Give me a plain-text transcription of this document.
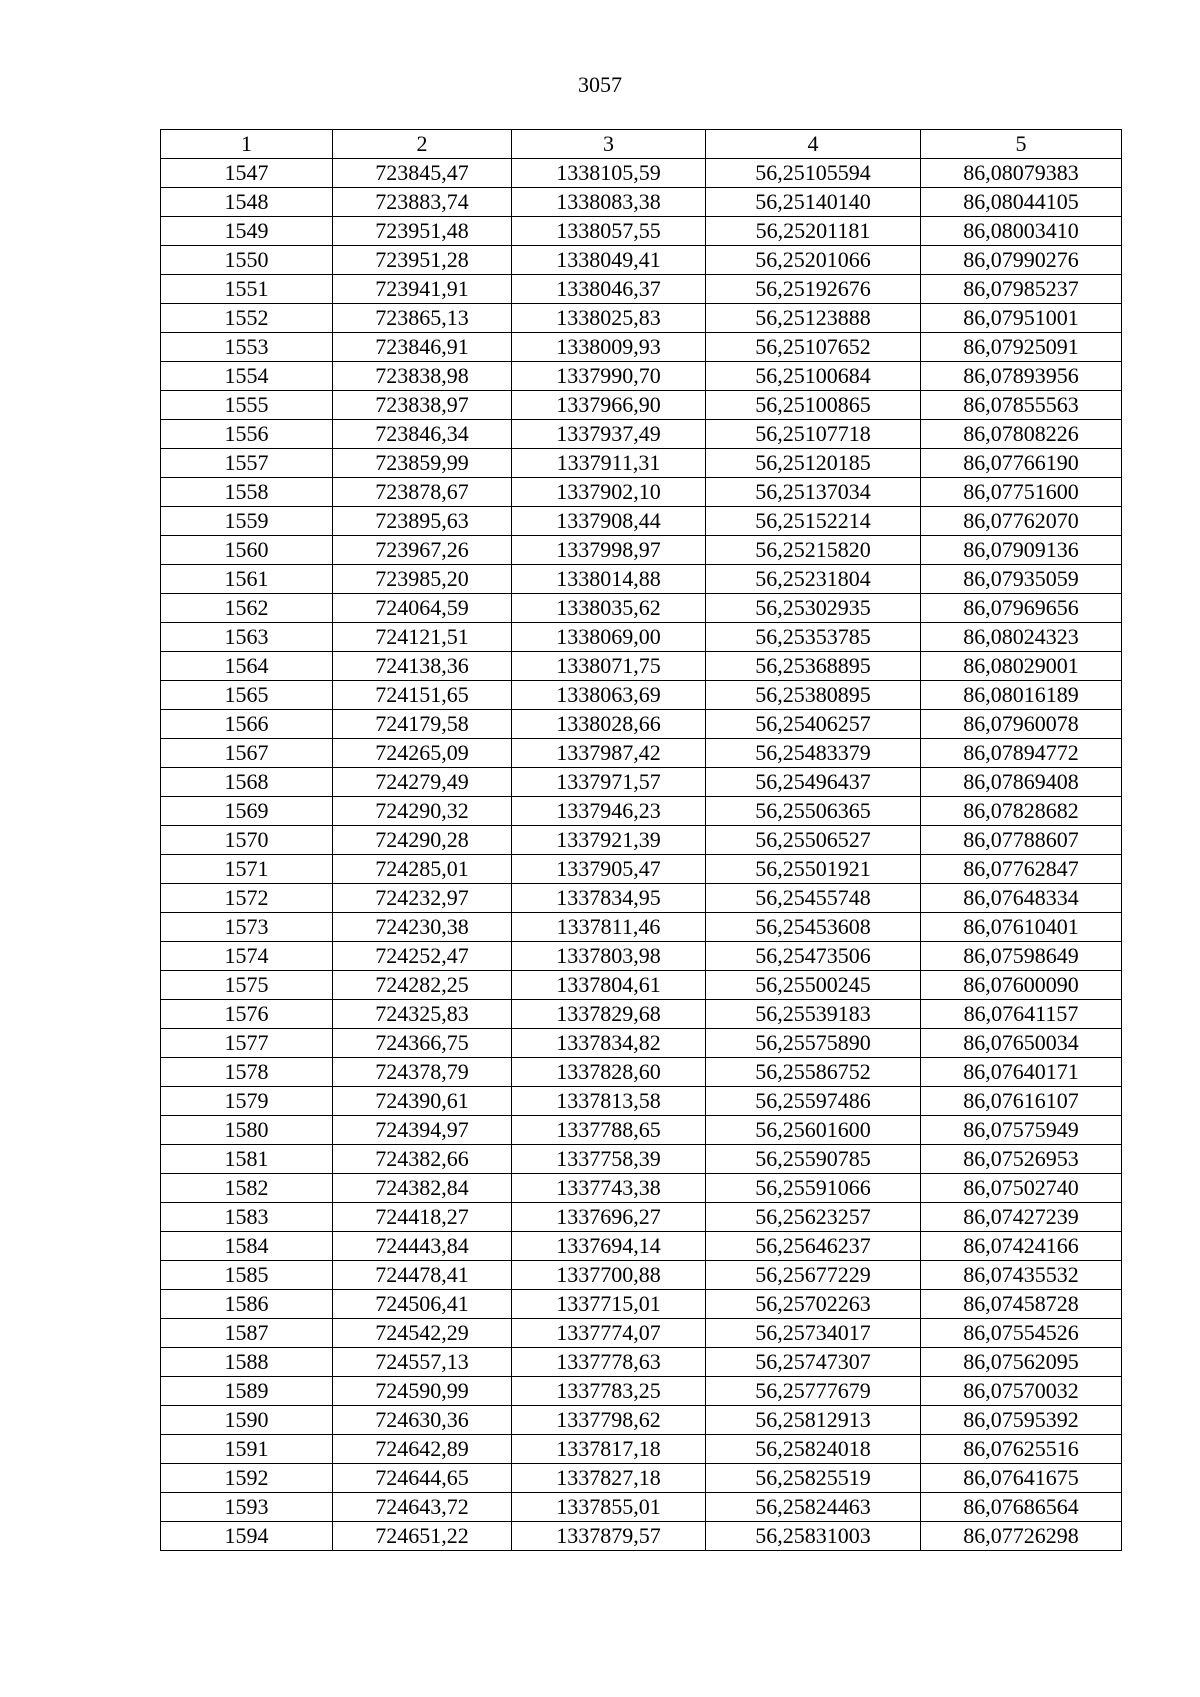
3057
1	2	3	4	5
1547	723845,47	1338105,59	56,25105594	86,08079383
1548	723883,74	1338083,38	56,25140140	86,08044105
1549	723951,48	1338057,55	56,25201181	86,08003410
1550	723951,28	1338049,41	56,25201066	86,07990276
1551	723941,91	1338046,37	56,25192676	86,07985237
1552	723865,13	1338025,83	56,25123888	86,07951001
1553	723846,91	1338009,93	56,25107652	86,07925091
1554	723838,98	1337990,70	56,25100684	86,07893956
1555	723838,97	1337966,90	56,25100865	86,07855563
1556	723846,34	1337937,49	56,25107718	86,07808226
1557	723859,99	1337911,31	56,25120185	86,07766190
1558	723878,67	1337902,10	56,25137034	86,07751600
1559	723895,63	1337908,44	56,25152214	86,07762070
1560	723967,26	1337998,97	56,25215820	86,07909136
1561	723985,20	1338014,88	56,25231804	86,07935059
1562	724064,59	1338035,62	56,25302935	86,07969656
1563	724121,51	1338069,00	56,25353785	86,08024323
1564	724138,36	1338071,75	56,25368895	86,08029001
1565	724151,65	1338063,69	56,25380895	86,08016189
1566	724179,58	1338028,66	56,25406257	86,07960078
1567	724265,09	1337987,42	56,25483379	86,07894772
1568	724279,49	1337971,57	56,25496437	86,07869408
1569	724290,32	1337946,23	56,25506365	86,07828682
1570	724290,28	1337921,39	56,25506527	86,07788607
1571	724285,01	1337905,47	56,25501921	86,07762847
1572	724232,97	1337834,95	56,25455748	86,07648334
1573	724230,38	1337811,46	56,25453608	86,07610401
1574	724252,47	1337803,98	56,25473506	86,07598649
1575	724282,25	1337804,61	56,25500245	86,07600090
1576	724325,83	1337829,68	56,25539183	86,07641157
1577	724366,75	1337834,82	56,25575890	86,07650034
1578	724378,79	1337828,60	56,25586752	86,07640171
1579	724390,61	1337813,58	56,25597486	86,07616107
1580	724394,97	1337788,65	56,25601600	86,07575949
1581	724382,66	1337758,39	56,25590785	86,07526953
1582	724382,84	1337743,38	56,25591066	86,07502740
1583	724418,27	1337696,27	56,25623257	86,07427239
1584	724443,84	1337694,14	56,25646237	86,07424166
1585	724478,41	1337700,88	56,25677229	86,07435532
1586	724506,41	1337715,01	56,25702263	86,07458728
1587	724542,29	1337774,07	56,25734017	86,07554526
1588	724557,13	1337778,63	56,25747307	86,07562095
1589	724590,99	1337783,25	56,25777679	86,07570032
1590	724630,36	1337798,62	56,25812913	86,07595392
1591	724642,89	1337817,18	56,25824018	86,07625516
1592	724644,65	1337827,18	56,25825519	86,07641675
1593	724643,72	1337855,01	56,25824463	86,07686564
1594	724651,22	1337879,57	56,25831003	86,07726298
